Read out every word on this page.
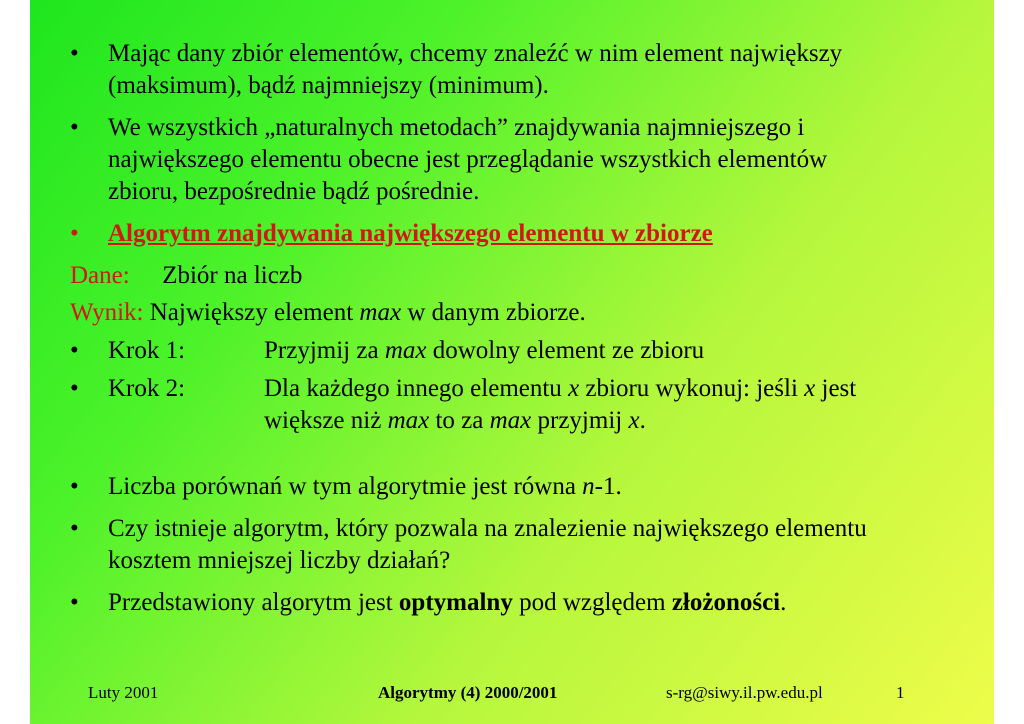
• Mając dany zbiór elementów, chcemy znaleźć w nim element największy
(maksimum), bądź najmniejszy (minimum).
• We wszystkich „naturalnych metodach” znajdywania najmniejszego i
największego elementu obecne jest przeglądanie wszystkich elementów
zbioru, bezpośrednie bądź pośrednie.
• Algorytm znajdywania największego elementu w zbiorze
Dane: Zbiór na liczb
Wynik: Największy element max w danym zbiorze.
• Krok 1:	Przyjmij za max dowolny element ze zbioru
• Krok 2:	Dla każdego innego elementu x zbioru wykonuj: jeśli x jest
większe niż max to za max przyjmij x.
• Liczba porównań w tym algorytmie jest równa n-1.
• Czy istnieje algorytm, który pozwala na znalezienie największego elementu
kosztem mniejszej liczby działań?
• Przedstawiony algorytm jest optymalny pod względem złożoności.
Luty 2001	Algorytmy (4) 2000/2001	s-rg@siwy.il.pw.edu.pl	1
